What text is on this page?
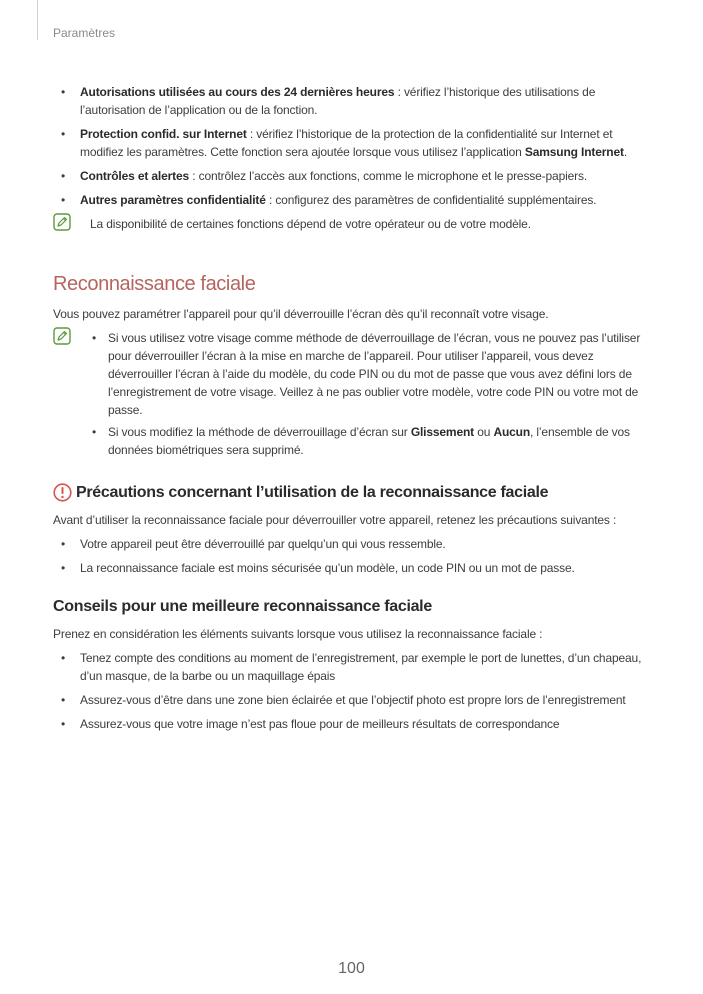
Paramètres
• Autorisations utilisées au cours des 24 dernières heures : vérifiez l’historique des utilisations de l’autorisation de l’application ou de la fonction.
• Protection confid. sur Internet : vérifiez l’historique de la protection de la confidentialité sur Internet et modifiez les paramètres. Cette fonction sera ajoutée lorsque vous utilisez l’application Samsung Internet.
• Contrôles et alertes : contrôlez l’accès aux fonctions, comme le microphone et le presse-papiers.
• Autres paramètres confidentialité : configurez des paramètres de confidentialité supplémentaires.

La disponibilité de certaines fonctions dépend de votre opérateur ou de votre modèle.

Reconnaissance faciale

Vous pouvez paramétrer l’appareil pour qu’il déverrouille l’écran dès qu’il reconnaît votre visage.

• Si vous utilisez votre visage comme méthode de déverrouillage de l’écran, vous ne pouvez pas l’utiliser pour déverrouiller l’écran à la mise en marche de l’appareil. Pour utiliser l’appareil, vous devez déverrouiller l’écran à l’aide du modèle, du code PIN ou du mot de passe que vous avez défini lors de l’enregistrement de votre visage. Veillez à ne pas oublier votre modèle, votre code PIN ou votre mot de passe.
• Si vous modifiez la méthode de déverrouillage d’écran sur Glissement ou Aucun, l’ensemble de vos données biométriques sera supprimé.
Précautions concernant l’utilisation de la reconnaissance faciale

Avant d’utiliser la reconnaissance faciale pour déverrouiller votre appareil, retenez les précautions suivantes :

• Votre appareil peut être déverrouillé par quelqu’un qui vous ressemble.
• La reconnaissance faciale est moins sécurisée qu’un modèle, un code PIN ou un mot de passe.
Conseils pour une meilleure reconnaissance faciale

Prenez en considération les éléments suivants lorsque vous utilisez la reconnaissance faciale :

• Tenez compte des conditions au moment de l’enregistrement, par exemple le port de lunettes, d’un chapeau, d’un masque, de la barbe ou un maquillage épais
• Assurez-vous d’être dans une zone bien éclairée et que l’objectif photo est propre lors de l’enregistrement
• Assurez-vous que votre image n’est pas floue pour de meilleurs résultats de correspondance
100
